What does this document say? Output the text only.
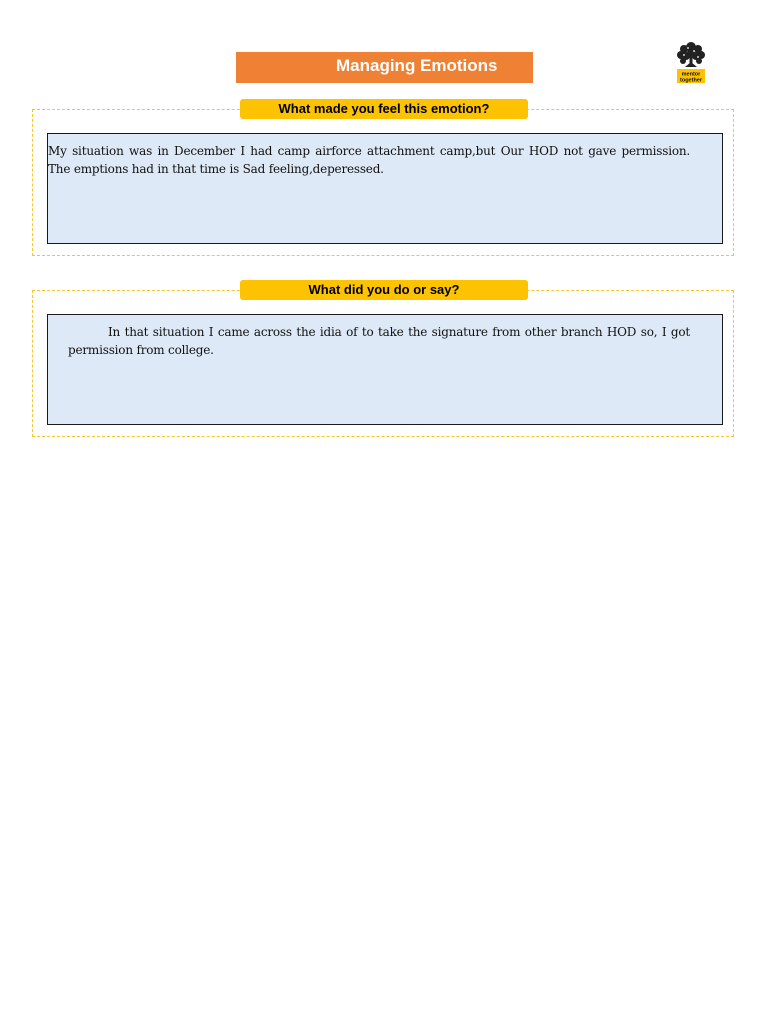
Managing Emotions	mentor
together
What made you feel this emotion?
My situation was in December I had camp airforce attachment camp,but Our HOD not gave permission.      The emptions had in that time is Sad feeling,deperessed.
What did you do or say?
In that situation I came across the idia of to take the signature from other branch HOD so, I got permission from college.
